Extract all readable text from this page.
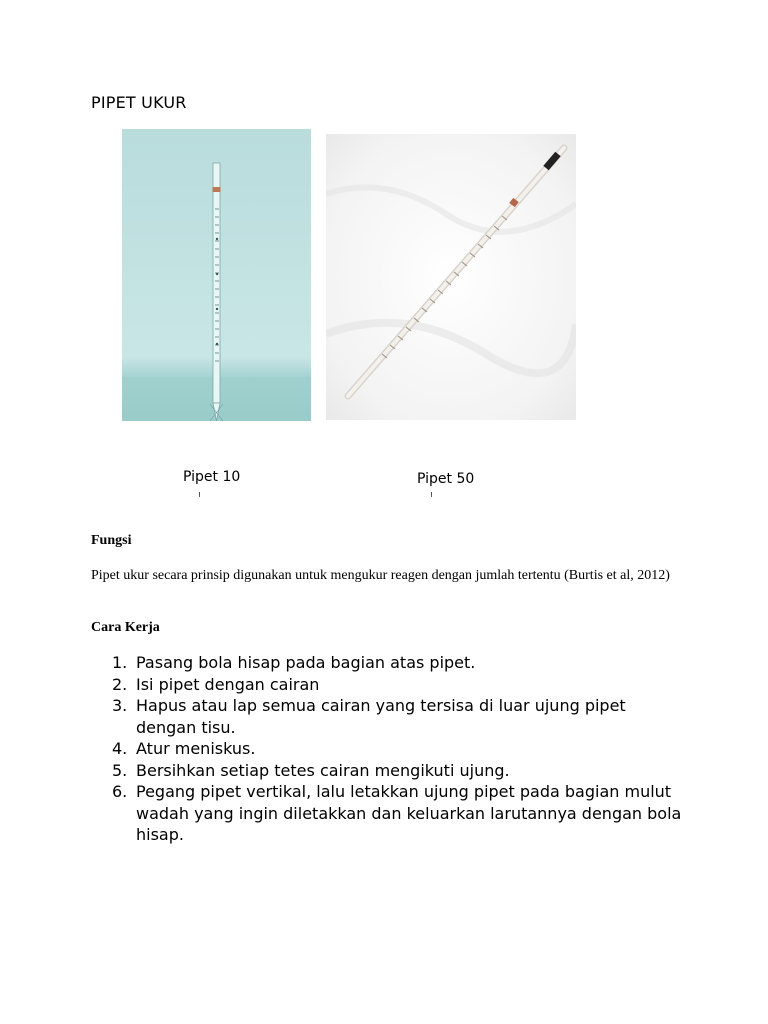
PIPET UKUR
Pipet 10	Pipet 50
Fungsi
Pipet ukur secara prinsip digunakan untuk mengukur reagen dengan jumlah tertentu (Burtis et al, 2012)
Cara Kerja
1. Pasang bola hisap pada bagian atas pipet.
2. Isi pipet dengan cairan
3. Hapus atau lap semua cairan yang tersisa di luar ujung pipet dengan tisu.
4. Atur meniskus.
5. Bersihkan setiap tetes cairan mengikuti ujung.
6. Pegang pipet vertikal, lalu letakkan ujung pipet pada bagian mulut wadah yang ingin diletakkan dan keluarkan larutannya dengan bola hisap.
